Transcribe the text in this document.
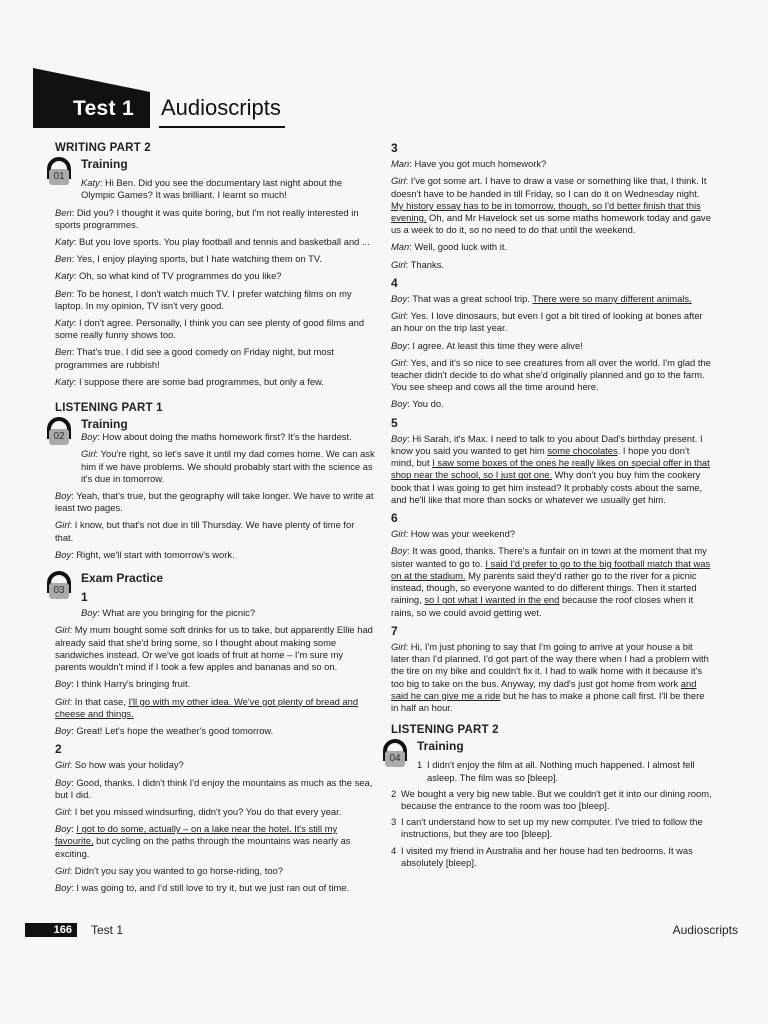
Test 1 Audioscripts
WRITING PART 2
01
Training

Katy: Hi Ben. Did you see the documentary last night about the Olympic Games? It was brilliant. I learnt so much!

Ben: Did you? I thought it was quite boring, but I'm not really interested in sports programmes.

Katy: But you love sports. You play football and tennis and basketball and ...

Ben: Yes, I enjoy playing sports, but I hate watching them on TV.

Katy: Oh, so what kind of TV programmes do you like?

Ben: To be honest, I don't watch much TV. I prefer watching films on my laptop. In my opinion, TV isn't very good.

Katy: I don't agree. Personally, I think you can see plenty of good films and some really funny shows too.

Ben: That's true. I did see a good comedy on Friday night, but most programmes are rubbish!

Katy: I suppose there are some bad programmes, but only a few.

LISTENING PART 1
02
Training

Boy: How about doing the maths homework first? It's the hardest.

Girl: You're right, so let's save it until my dad comes home. We can ask him if we have problems. We should probably start with the science as it's due in tomorrow.

Boy: Yeah, that's true, but the geography will take longer. We have to write at least two pages.

Girl: I know, but that's not due in till Thursday. We have plenty of time for that.

Boy: Right, we'll start with tomorrow's work.

03
Exam Practice
1

Boy: What are you bringing for the picnic?

Girl: My mum bought some soft drinks for us to take, but apparently Ellie had already said that she'd bring some, so I thought about making some sandwiches instead. Or we've got loads of fruit at home – I'm sure my parents wouldn't mind if I took a few apples and bananas and so on.

Boy: I think Harry's bringing fruit.

Girl: In that case, I'll go with my other idea. We've got plenty of bread and cheese and things.

Boy: Great! Let's hope the weather's good tomorrow.

2

Girl: So how was your holiday?

Boy: Good, thanks. I didn't think I'd enjoy the mountains as much as the sea, but I did.

Girl: I bet you missed windsurfing, didn't you? You do that every year.

Boy: I got to do some, actually – on a lake near the hotel. It's still my favourite, but cycling on the paths through the mountains was nearly as exciting.

Girl: Didn't you say you wanted to go horse-riding, too?

Boy: I was going to, and I'd still love to try it, but we just ran out of time.

3

Man: Have you got much homework?

Girl: I've got some art. I have to draw a vase or something like that, I think. It doesn't have to be handed in till Friday, so I can do it on Wednesday night. My history essay has to be in tomorrow, though, so I'd better finish that this evening. Oh, and Mr Havelock set us some maths homework today and gave us a week to do it, so no need to do that until the weekend.

Man: Well, good luck with it.

Girl: Thanks.

4

Boy: That was a great school trip. There were so many different animals.

Girl: Yes. I love dinosaurs, but even I got a bit tired of looking at bones after an hour on the trip last year.

Boy: I agree. At least this time they were alive!

Girl: Yes, and it's so nice to see creatures from all over the world. I'm glad the teacher didn't decide to do what she'd originally planned and go to the farm. You see sheep and cows all the time around here.

Boy: You do.

5

Boy: Hi Sarah, it's Max. I need to talk to you about Dad's birthday present. I know you said you wanted to get him some chocolates. I hope you don't mind, but I saw some boxes of the ones he really likes on special offer in that shop near the school, so I just got one. Why don't you buy him the cookery book that I was going to get him instead? It probably costs about the same, and he'll like that more than socks or whatever we usually get him.

6

Girl: How was your weekend?

Boy: It was good, thanks. There's a funfair on in town at the moment that my sister wanted to go to. I said I'd prefer to go to the big football match that was on at the stadium. My parents said they'd rather go to the river for a picnic instead, though, so everyone wanted to do different things. Then it started raining, so I got what I wanted in the end because the roof closes when it rains, so we could avoid getting wet.

7

Girl: Hi, I'm just phoning to say that I'm going to arrive at your house a bit later than I'd planned. I'd got part of the way there when I had a problem with the tire on my bike and couldn't fix it. I had to walk home with it because it's too big to take on the bus. Anyway, my dad's just got home from work and said he can give me a ride but he has to make a phone call first. I'll be there in half an hour.

LISTENING PART 2
04
Training
1 I didn't enjoy the film at all. Nothing much happened. I almost fell asleep. The film was so [bleep].
2 We bought a very big new table. But we couldn't get it into our dining room, because the entrance to the room was too [bleep].
3 I can't understand how to set up my new computer. I've tried to follow the instructions, but they are too [bleep].
4 I visited my friend in Australia and her house had ten bedrooms. It was absolutely [bleep].
166	Test 1	Audioscripts
